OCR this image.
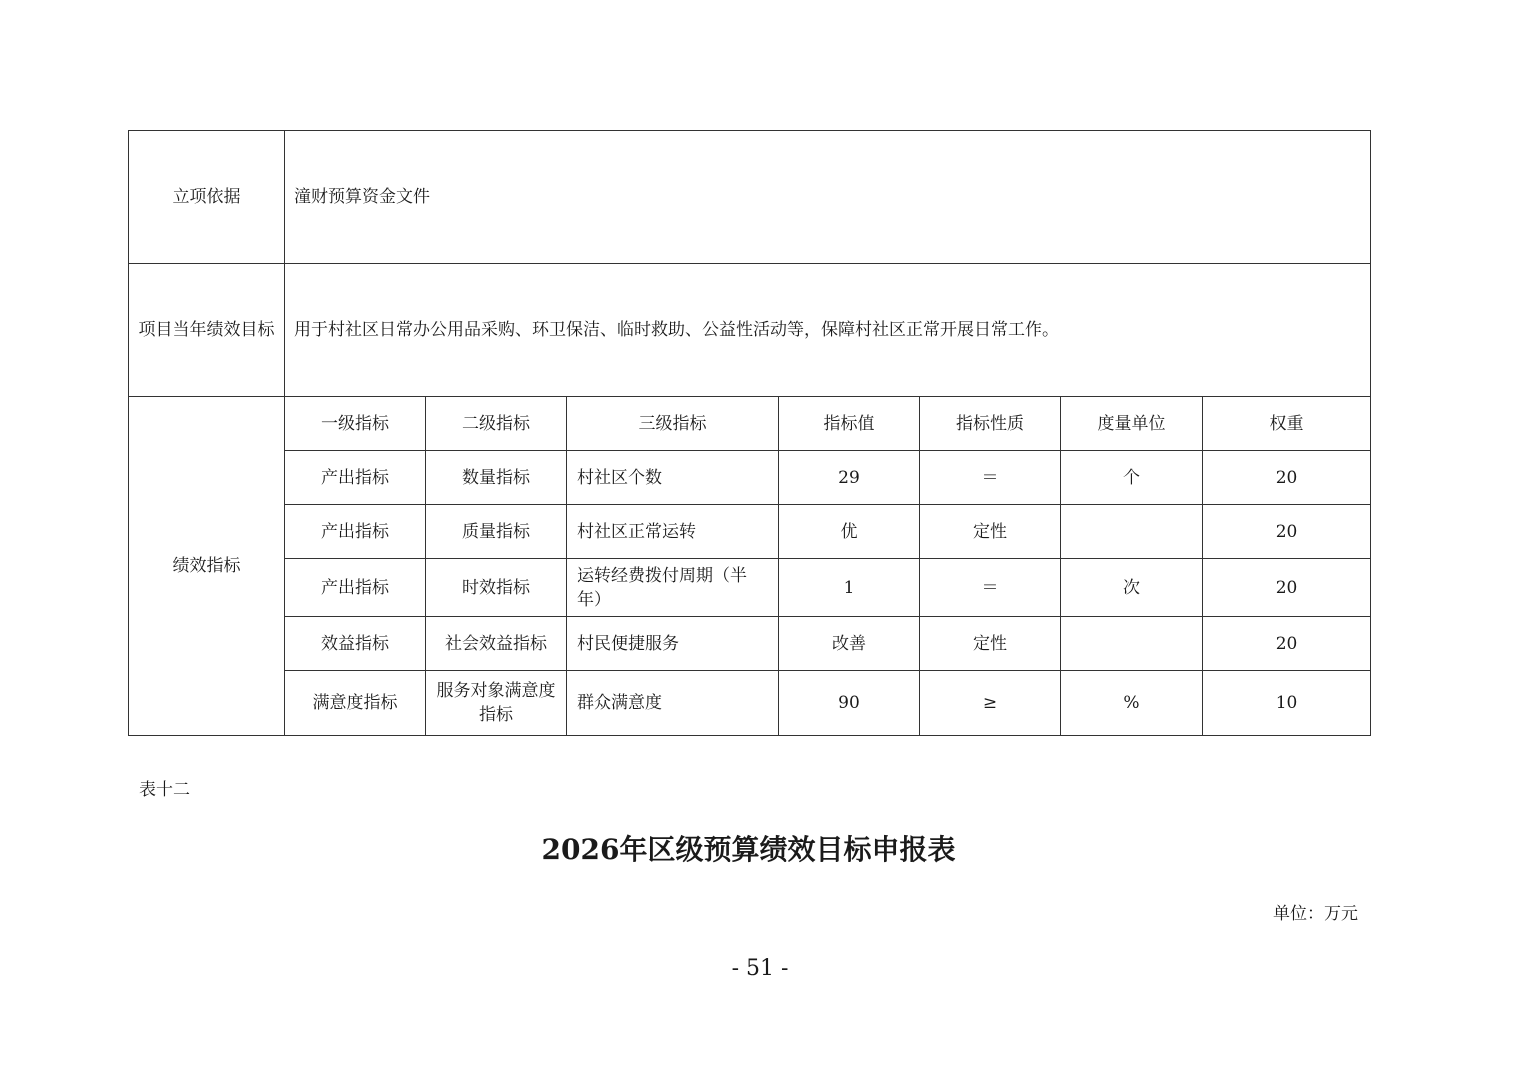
立项依据	潼财预算资金文件						
项目当年绩效目标	用于村社区日常办公用品采购、环卫保洁、临时救助、公益性活动等，保障村社区正常开展日常工作。						
绩效指标	一级指标	二级指标	三级指标	指标值	指标性质	度量单位	权重
	产出指标	数量指标	村社区个数	29	＝	个	20
	产出指标	质量指标	村社区正常运转	优	定性		20
	产出指标	时效指标	运转经费拨付周期（半年）	1	＝	次	20
	效益指标	社会效益指标	村民便捷服务	改善	定性		20
	满意度指标	服务对象满意度指标	群众满意度	90	≥	%	10
表十二
2026年区级预算绩效目标申报表
单位：万元
- 51 -
